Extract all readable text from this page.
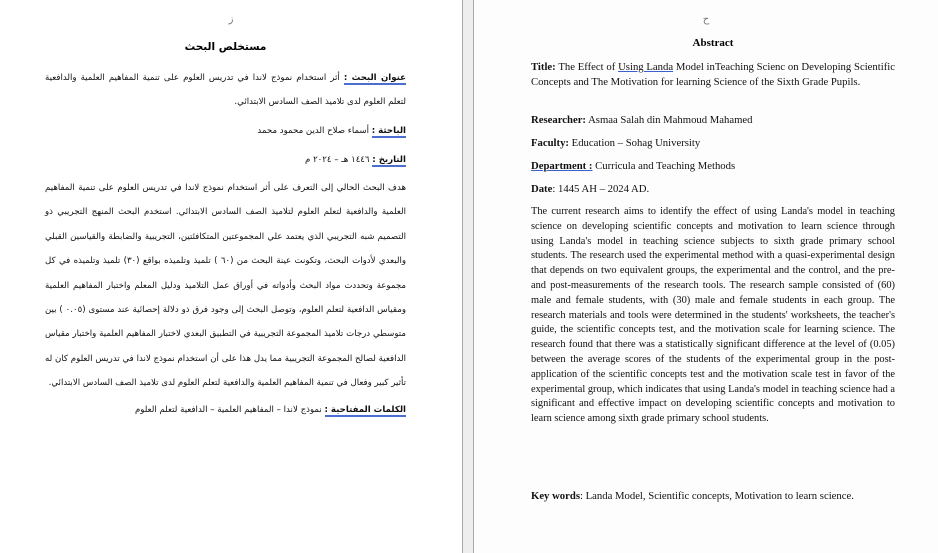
ز
مستخلص البحث
عنوان البحث : أثر استخدام نموذج لاندا في تدريس العلوم على تنمية المفاهيم العلمية والدافعية لتعلم العلوم لدى تلاميذ الصف السادس الابتدائي.
الباحثة : أسماء صلاح الدين محمود محمد
التاريخ : ١٤٤٦ هـ – ٢٠٢٤ م
هدف البحث الحالي إلى التعرف على أثر استخدام نموذج لاندا في تدريس العلوم على تنمية المفاهيم العلمية والدافعية لتعلم العلوم لتلاميذ الصف السادس الابتدائي. استخدم البحث المنهج التجريبي ذو التصميم شبه التجريبي الذي يعتمد علي المجموعتين المتكافئتين، التجريبية والضابطة والقياسين القبلي والبعدي لأدوات البحث، وتكونت عينة البحث من (٦٠ ) تلميذ وتلميذه بواقع (٣٠) تلميذ وتلميذه في كل مجموعة وتحددت مواد البحث وأدواته في أوراق عمل التلاميذ ودليل المعلم واختبار المفاهيم العلمية ومقياس الدافعية لتعلم العلوم، وتوصل البحث إلى وجود فرق ذو دلالة إحصائية عند مستوى (٠.٠٥ ) بين متوسطي درجات تلاميذ المجموعة التجريبية في التطبيق البعدي لاختبار المفاهيم العلمية واختبار مقياس الدافعية لصالح المجموعة التجريبية مما يدل هذا على أن استخدام نموذج لاندا في تدريس العلوم كان له تأثير كبير وفعال في تنمية المفاهيم العلمية والدافعية لتعلم العلوم لدى تلاميذ الصف السادس الابتدائي.
الكلمات المفتاحية : نموذج لاندا – المفاهيم العلمية – الدافعية لتعلم العلوم
ح
Abstract
Title: The Effect of Using Landa Model inTeaching Scienc on Developing Scientific Concepts and The Motivation for learning Science of the Sixth Grade Pupils.
Researcher: Asmaa Salah din Mahmoud Mahamed
Faculty: Education – Sohag University
Department : Curricula and Teaching Methods
Date: 1445 AH – 2024 AD.
The current research aims to identify the effect of using Landa's model in teaching science on developing scientific concepts and motivation to learn science through using Landa's model in teaching science subjects to sixth grade primary school students. The research used the experimental method with a quasi-experimental design that depends on two equivalent groups, the experimental and the control, and the pre- and post-measurements of the research tools. The research sample consisted of (60) male and female students, with (30) male and female students in each group. The research materials and tools were determined in the students' worksheets, the teacher's guide, the scientific concepts test, and the motivation scale for learning science. The research found that there was a statistically significant difference at the level of (0.05) between the average scores of the students of the experimental group in the post-application of the scientific concepts test and the motivation scale test in favor of the experimental group, which indicates that using Landa's model in teaching science had a significant and effective impact on developing scientific concepts and motivation to learn science among sixth grade primary school students.
Key words: Landa Model, Scientific concepts, Motivation to learn science.
